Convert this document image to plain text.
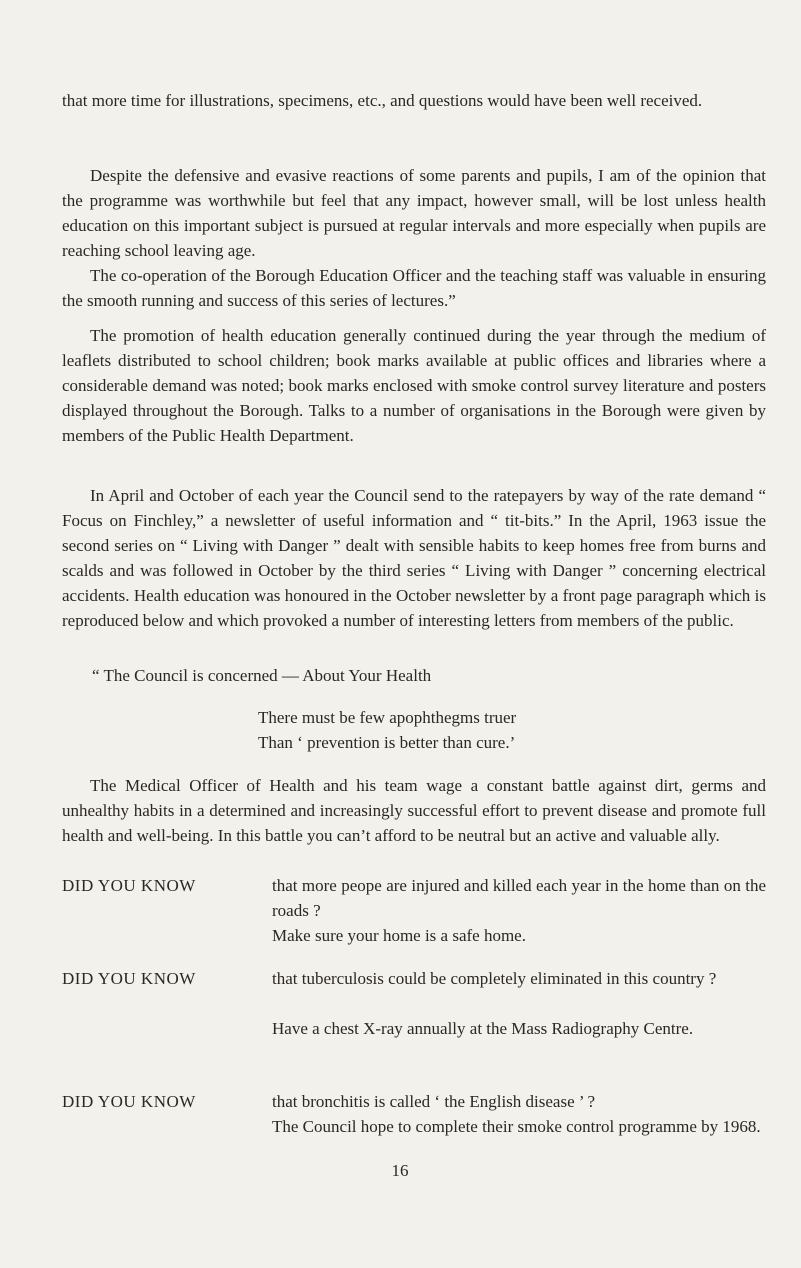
that more time for illustrations, specimens, etc., and questions would have been well received.

Despite the defensive and evasive reactions of some parents and pupils, I am of the opinion that the programme was worthwhile but feel that any impact, however small, will be lost unless health education on this important subject is pursued at regular intervals and more especially when pupils are reaching school leaving age.

The co-operation of the Borough Education Officer and the teaching staff was valuable in ensuring the smooth running and success of this series of lectures.”

The promotion of health education generally continued during the year through the medium of leaflets distributed to school children; book marks available at public offices and libraries where a considerable demand was noted; book marks enclosed with smoke control survey literature and posters displayed throughout the Borough. Talks to a number of organisations in the Borough were given by members of the Public Health Department.

In April and October of each year the Council send to the ratepayers by way of the rate demand “ Focus on Finchley,” a newsletter of useful information and “ tit-bits.” In the April, 1963 issue the second series on “ Living with Danger ” dealt with sensible habits to keep homes free from burns and scalds and was followed in October by the third series “ Living with Danger ” concerning electrical accidents. Health education was honoured in the October newsletter by a front page paragraph which is reproduced below and which provoked a number of interesting letters from members of the public.

“ The Council is concerned — About Your Health

There must be few apophthegms truer

Than ‘ prevention is better than cure.’

The Medical Officer of Health and his team wage a constant battle against dirt, germs and unhealthy habits in a determined and increasingly successful effort to prevent disease and promote full health and well-being. In this battle you can’t afford to be neutral but an active and valuable ally.

DID YOU KNOW	that more peope are injured and killed each year in the home than on the roads ?

Make sure your home is a safe home.

DID YOU KNOW	that tuberculosis could be completely eliminated in this country ?

Have a chest X-ray annually at the Mass Radiography Centre.

DID YOU KNOW	that bronchitis is called ‘ the English disease ’ ?

The Council hope to complete their smoke control programme by 1968.

16
